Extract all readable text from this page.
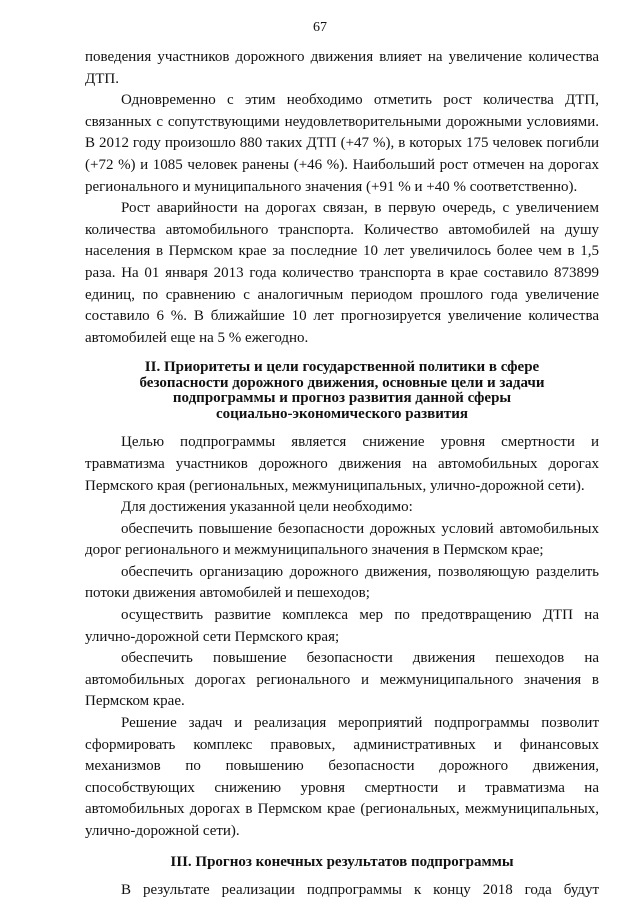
67

поведения участников дорожного движения влияет на увеличение количества ДТП.

Одновременно с этим необходимо отметить рост количества ДТП, связанных с сопутствующими неудовлетворительными дорожными условиями. В 2012 году произошло 880 таких ДТП (+47 %), в которых 175 человек погибли (+72 %) и 1085 человек ранены (+46 %). Наибольший рост отмечен на дорогах регионального и муниципального значения (+91 % и +40 % соответственно).

Рост аварийности на дорогах связан, в первую очередь, с увеличением количества автомобильного транспорта. Количество автомобилей на душу населения в Пермском крае за последние 10 лет увеличилось более чем в 1,5 раза. На 01 января 2013 года количество транспорта в крае составило 873899 единиц, по сравнению с аналогичным периодом прошлого года увеличение составило 6 %. В ближайшие 10 лет прогнозируется увеличение количества автомобилей еще на 5 % ежегодно.

II. Приоритеты и цели государственной политики в сфере
безопасности дорожного движения, основные цели и задачи
подпрограммы и прогноз развития данной сферы
социально-экономического развития

Целью подпрограммы является снижение уровня смертности и травматизма участников дорожного движения на автомобильных дорогах Пермского края (региональных, межмуниципальных, улично-дорожной сети).

Для достижения указанной цели необходимо:

обеспечить повышение безопасности дорожных условий автомобильных дорог регионального и межмуниципального значения в Пермском крае;

обеспечить организацию дорожного движения, позволяющую разделить потоки движения автомобилей и пешеходов;

осуществить развитие комплекса мер по предотвращению ДТП на улично-дорожной сети Пермского края;

обеспечить повышение безопасности движения пешеходов на автомобильных дорогах регионального и межмуниципального значения в Пермском крае.

Решение задач и реализация мероприятий подпрограммы позволит сформировать комплекс правовых, административных и финансовых механизмов по повышению безопасности дорожного движения, способствующих снижению уровня смертности и травматизма на автомобильных дорогах в Пермском крае (региональных, межмуниципальных, улично-дорожной сети).

III. Прогноз конечных результатов подпрограммы

В результате реализации подпрограммы к концу 2018 года будут
